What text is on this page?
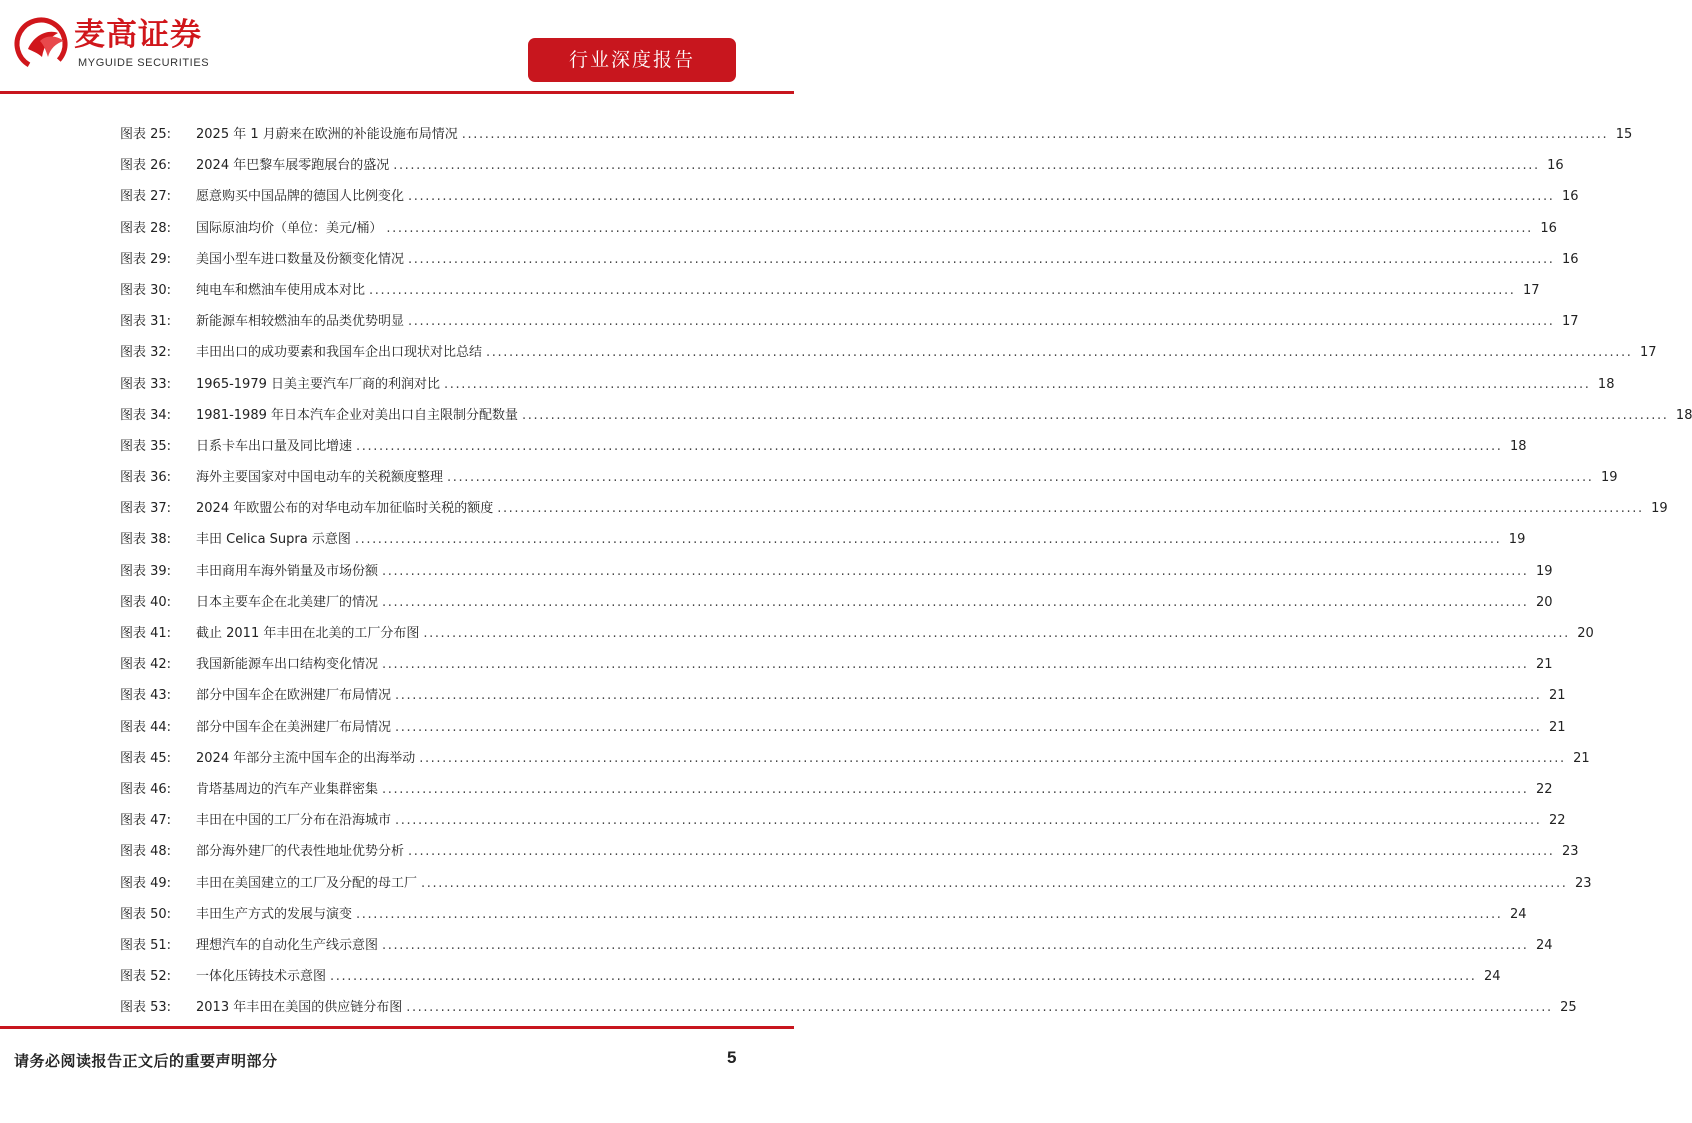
麦高证券
MYGUIDE SECURITIES	行业深度报告
图表 25:	2025 年 1 月蔚来在欧洲的补能设施布局情况 ........................................................................................................................................................................................................ 15
图表 26:	2024 年巴黎车展零跑展台的盛况 ........................................................................................................................................................................................................ 16
图表 27:	愿意购买中国品牌的德国人比例变化 ........................................................................................................................................................................................................ 16
图表 28:	国际原油均价（单位：美元/桶） ........................................................................................................................................................................................................ 16
图表 29:	美国小型车进口数量及份额变化情况 ........................................................................................................................................................................................................ 16
图表 30:	纯电车和燃油车使用成本对比 ........................................................................................................................................................................................................ 17
图表 31:	新能源车相较燃油车的品类优势明显 ........................................................................................................................................................................................................ 17
图表 32:	丰田出口的成功要素和我国车企出口现状对比总结 ........................................................................................................................................................................................................ 17
图表 33:	1965-1979 日美主要汽车厂商的利润对比 ........................................................................................................................................................................................................ 18
图表 34:	1981-1989 年日本汽车企业对美出口自主限制分配数量 ........................................................................................................................................................................................................ 18
图表 35:	日系卡车出口量及同比增速 ........................................................................................................................................................................................................ 18
图表 36:	海外主要国家对中国电动车的关税额度整理 ........................................................................................................................................................................................................ 19
图表 37:	2024 年欧盟公布的对华电动车加征临时关税的额度 ........................................................................................................................................................................................................ 19
图表 38:	丰田 Celica Supra 示意图 ........................................................................................................................................................................................................ 19
图表 39:	丰田商用车海外销量及市场份额 ........................................................................................................................................................................................................ 19
图表 40:	日本主要车企在北美建厂的情况 ........................................................................................................................................................................................................ 20
图表 41:	截止 2011 年丰田在北美的工厂分布图 ........................................................................................................................................................................................................ 20
图表 42:	我国新能源车出口结构变化情况 ........................................................................................................................................................................................................ 21
图表 43:	部分中国车企在欧洲建厂布局情况 ........................................................................................................................................................................................................ 21
图表 44:	部分中国车企在美洲建厂布局情况 ........................................................................................................................................................................................................ 21
图表 45:	2024 年部分主流中国车企的出海举动 ........................................................................................................................................................................................................ 21
图表 46:	肯塔基周边的汽车产业集群密集 ........................................................................................................................................................................................................ 22
图表 47:	丰田在中国的工厂分布在沿海城市 ........................................................................................................................................................................................................ 22
图表 48:	部分海外建厂的代表性地址优势分析 ........................................................................................................................................................................................................ 23
图表 49:	丰田在美国建立的工厂及分配的母工厂 ........................................................................................................................................................................................................ 23
图表 50:	丰田生产方式的发展与演变 ........................................................................................................................................................................................................ 24
图表 51:	理想汽车的自动化生产线示意图 ........................................................................................................................................................................................................ 24
图表 52:	一体化压铸技术示意图 ........................................................................................................................................................................................................ 24
图表 53:	2013 年丰田在美国的供应链分布图 ........................................................................................................................................................................................................ 25
请务必阅读报告正文后的重要声明部分	5
